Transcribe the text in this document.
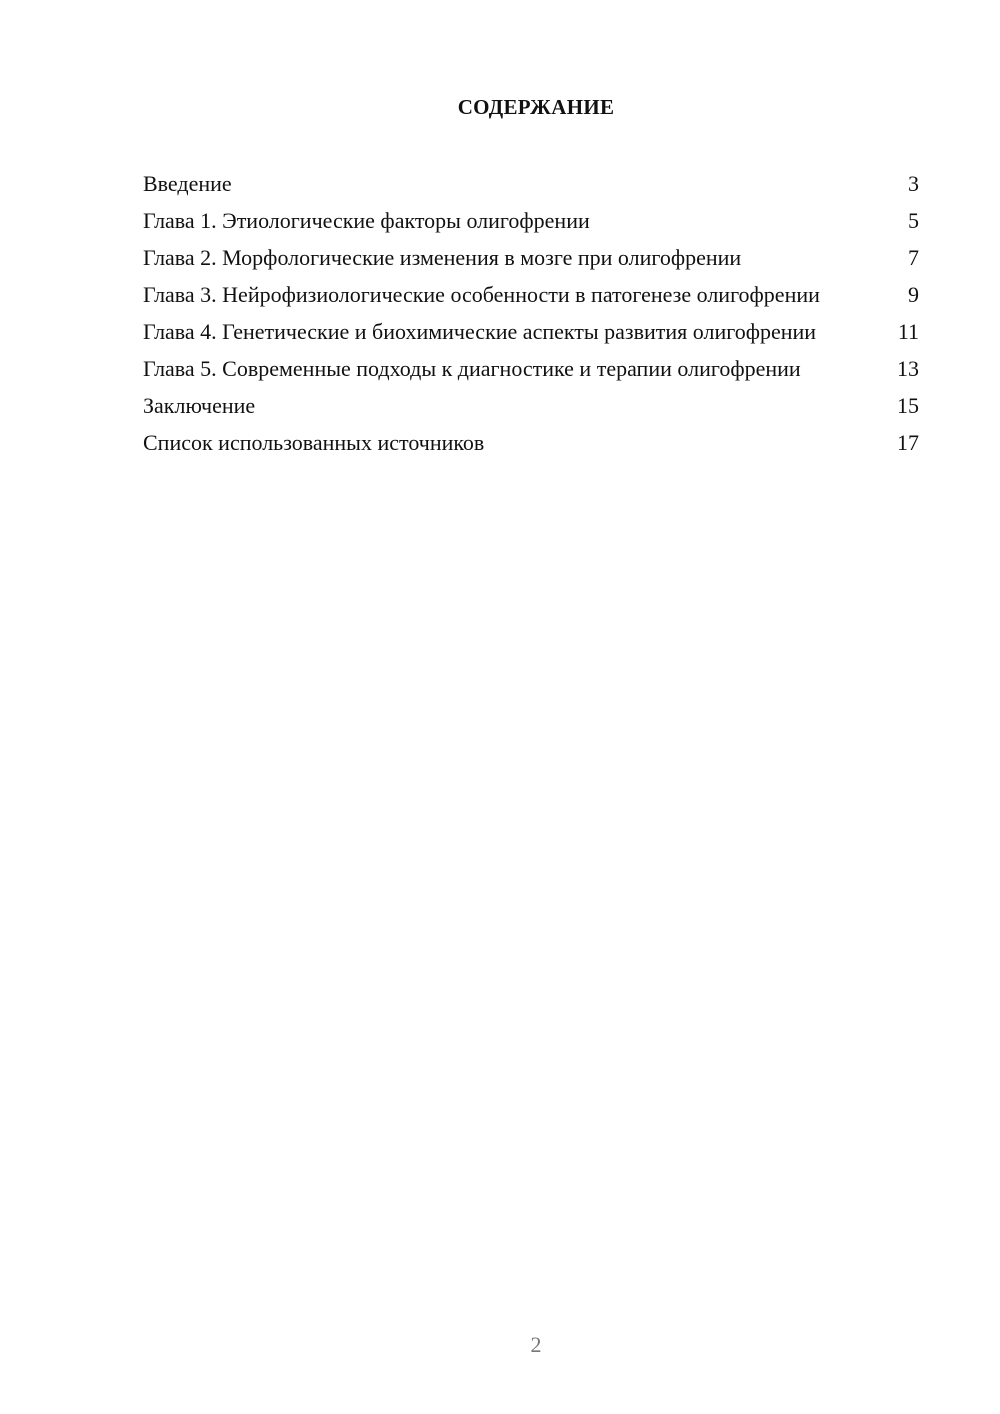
СОДЕРЖАНИЕ
Введение	3
Глава 1. Этиологические факторы олигофрении	5
Глава 2. Морфологические изменения в мозге при олигофрении	7
Глава 3. Нейрофизиологические особенности в патогенезе олигофрении	9
Глава 4. Генетические и биохимические аспекты развития олигофрении	11
Глава 5. Современные подходы к диагностике и терапии олигофрении	13
Заключение	15
Список использованных источников	17
2
